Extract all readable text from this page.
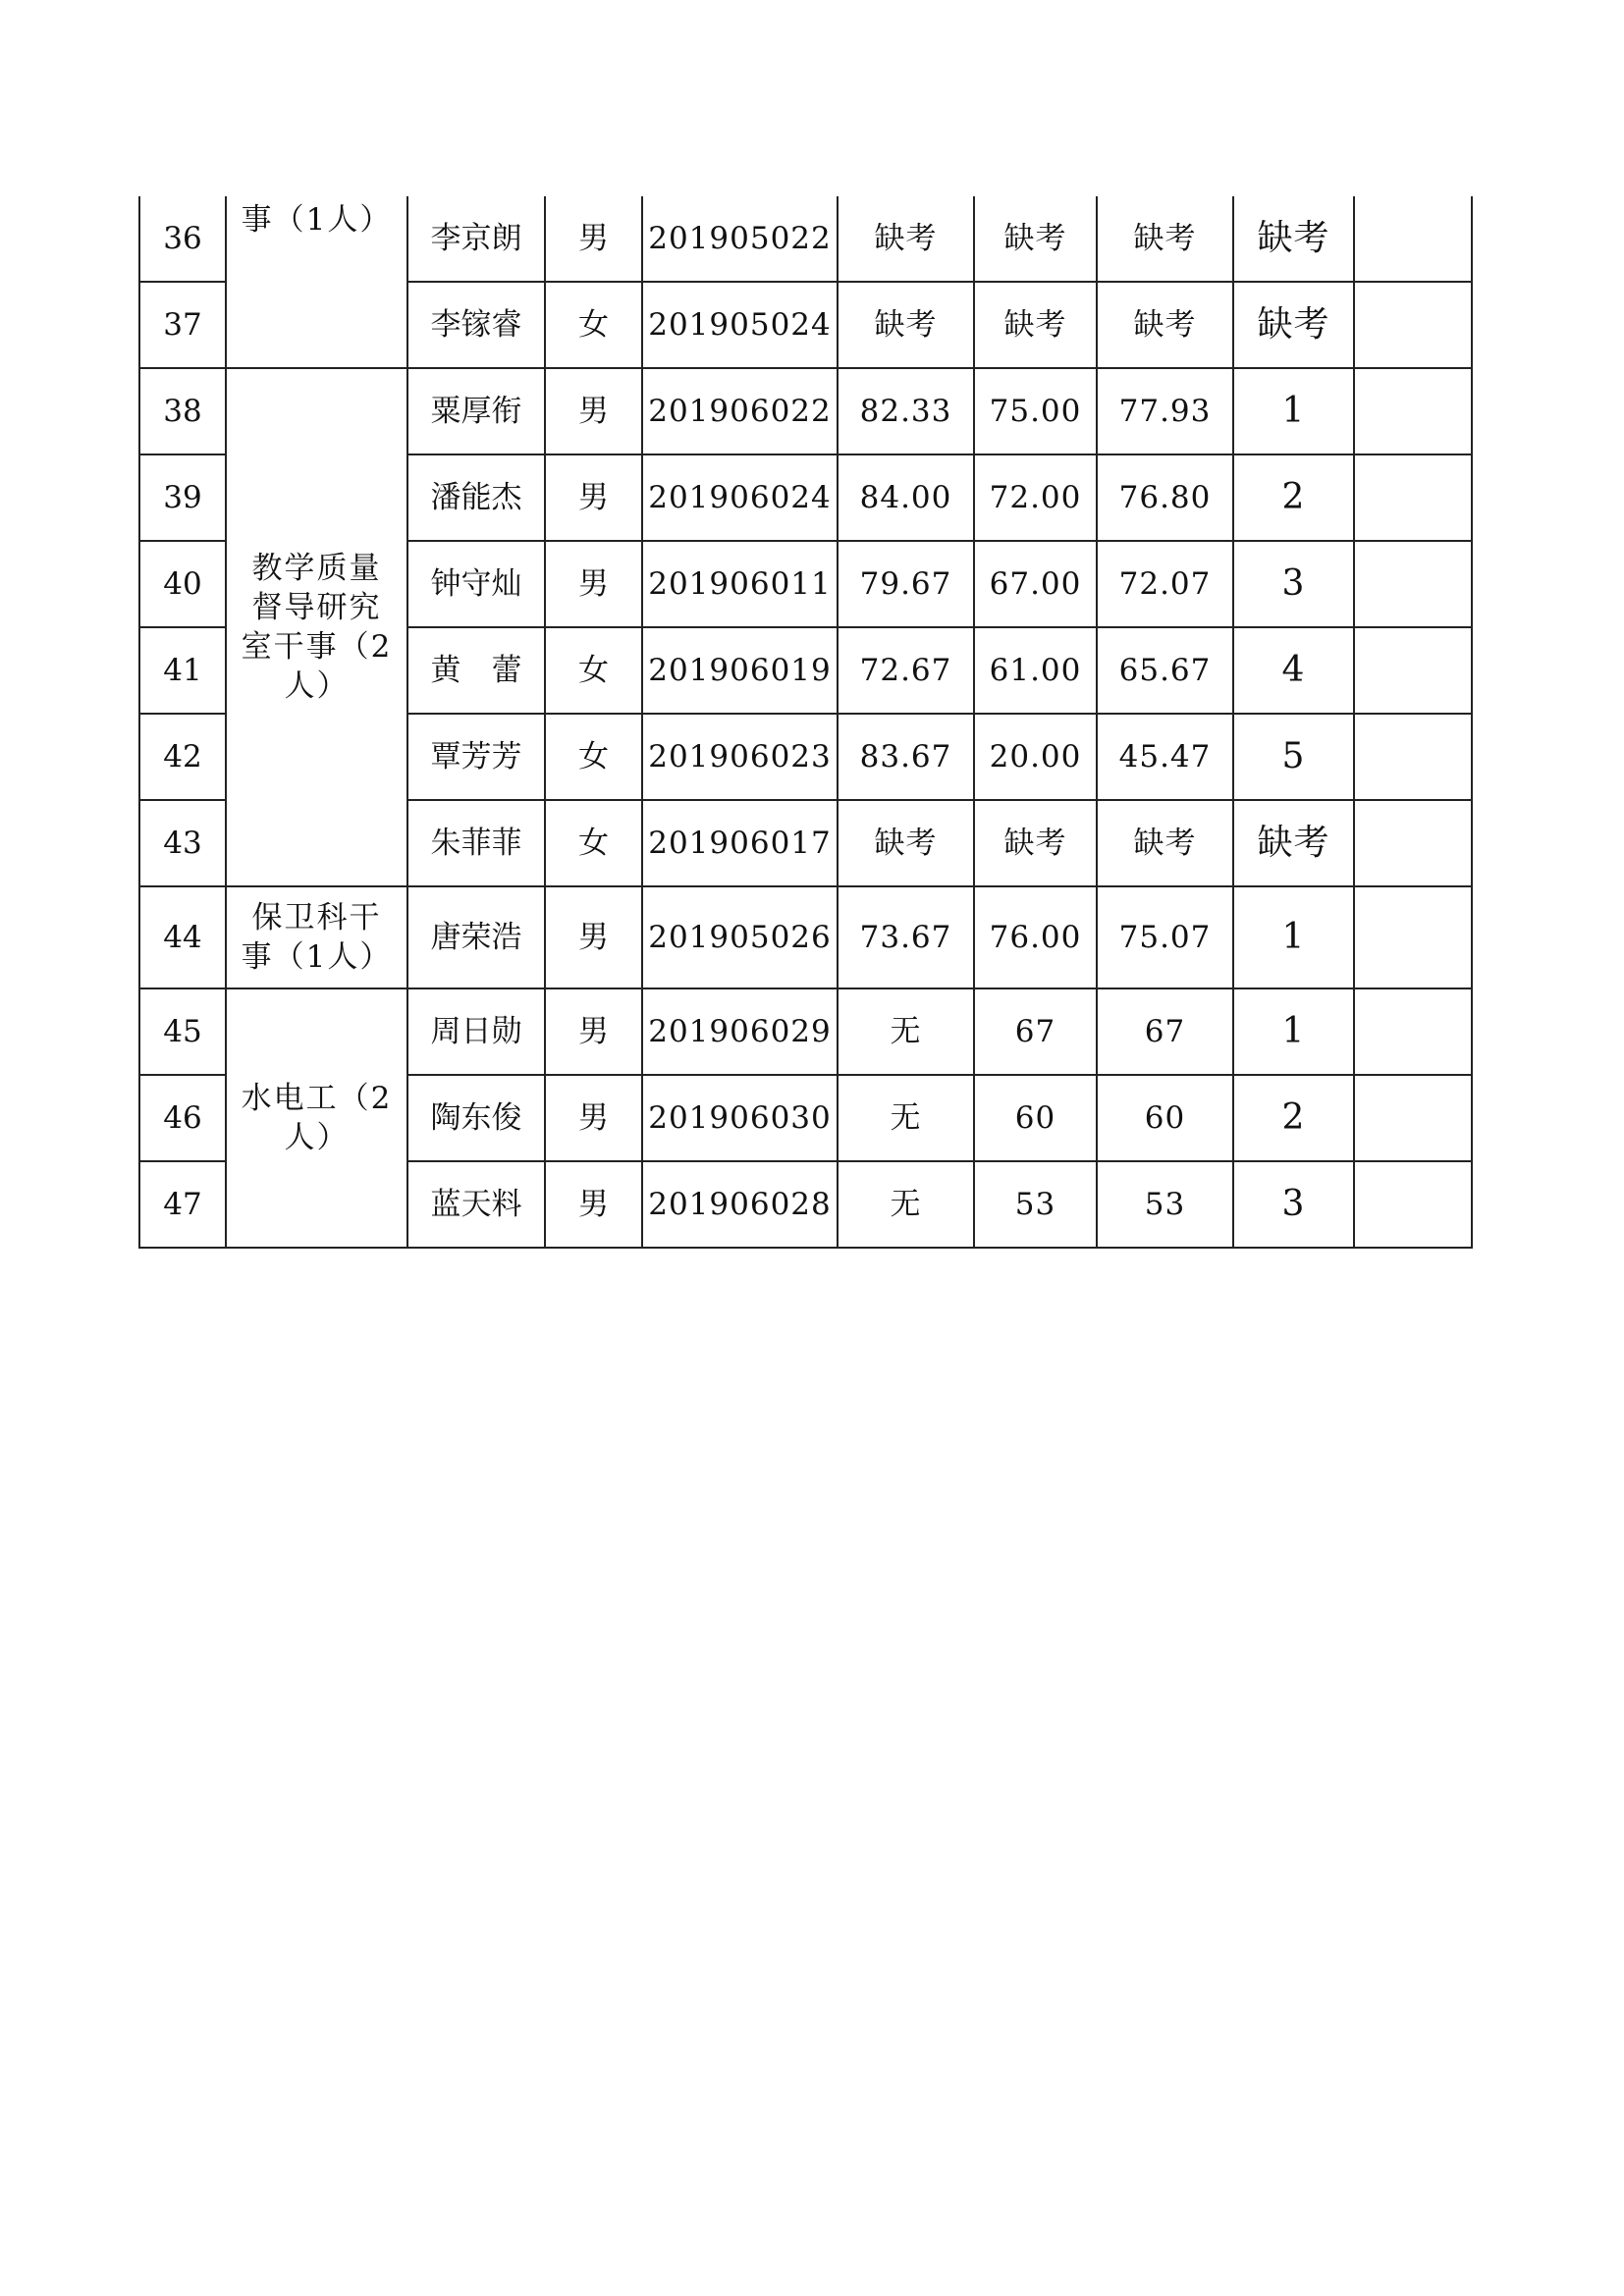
36	事（1人）	李京朗	男	201905022	缺考	缺考	缺考	缺考	
37		李镓睿	女	201905024	缺考	缺考	缺考	缺考	
38	教学质量督导研究室干事（2人）	粟厚衔	男	201906022	82.33	75.00	77.93	1	
39		潘能杰	男	201906024	84.00	72.00	76.80	2	
40		钟守灿	男	201906011	79.67	67.00	72.07	3	
41		黄　蕾	女	201906019	72.67	61.00	65.67	4	
42		覃芳芳	女	201906023	83.67	20.00	45.47	5	
43		朱菲菲	女	201906017	缺考	缺考	缺考	缺考	
44	保卫科干事（1人）	唐荣浩	男	201905026	73.67	76.00	75.07	1	
45	水电工（2人）	周日勋	男	201906029	无	67	67	1	
46		陶东俊	男	201906030	无	60	60	2	
47		蓝天料	男	201906028	无	53	53	3	
